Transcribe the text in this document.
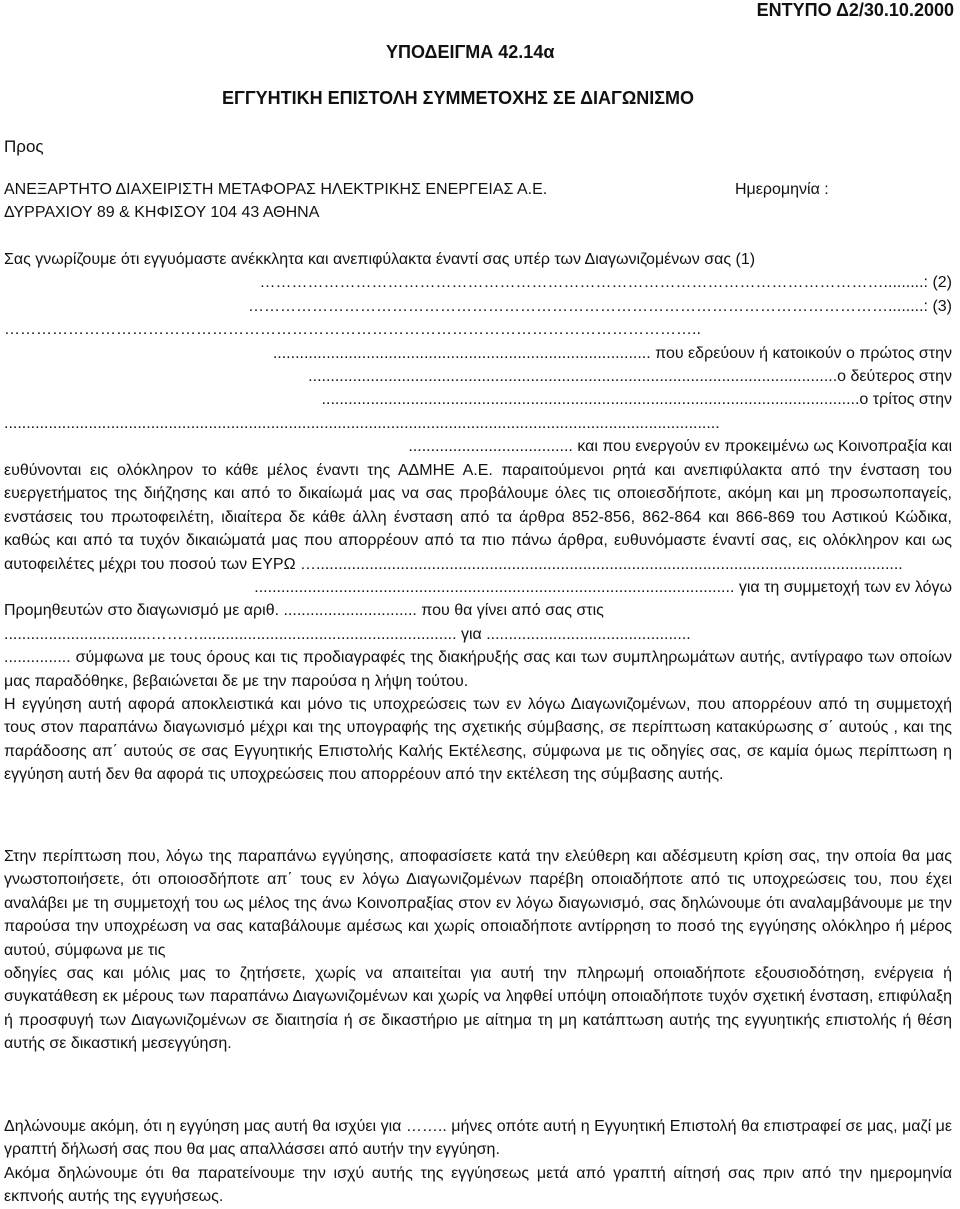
ΕΝΤΥΠΟ Δ2/30.10.2000

ΥΠΟΔΕΙΓΜΑ 42.14α

ΕΓΓΥΗΤΙΚΗ ΕΠΙΣΤΟΛΗ ΣΥΜΜΕΤΟΧΗΣ ΣΕ ΔΙΑΓΩΝΙΣΜΟ

Προς

ΑΝΕΞΑΡΤΗΤΟ ΔΙΑΧΕΙΡΙΣΤΗ ΜΕΤΑΦΟΡΑΣ ΗΛΕΚΤΡΙΚΗΣ ΕΝΕΡΓΕΙΑΣ Α.Ε.

ΔΥΡΡΑΧΙΟΥ 89 & ΚΗΦΙΣΟΥ 104 43 ΑΘΗΝΑ

Ημερομηνία :

Σας γνωρίζουμε ότι εγγυόμαστε ανέκκλητα και ανεπιφύλακτα έναντί σας υπέρ των Διαγωνιζομένων σας (1)
……………………………………………………………………………………………………….........: (2)
…………………………………………………………………………………………………………........: (3)
…………………………………………………………………………………………………………………..
..................................................................................... που εδρεύουν ή κατοικούν ο πρώτος στην
.......................................................................................................................ο δεύτερος στην
.........................................................................................................................ο τρίτος στην
.................................................................................................................................................................
..................................... και που ενεργούν εν προκειμένω ως Κοινοπραξία και
ευθύνονται εις ολόκληρον το κάθε μέλος έναντι της ΑΔΜΗΕ Α.Ε. παραιτούμενοι ρητά και ανεπιφύλακτα από την ένσταση του ευεργετήματος της διήζησης και από το δικαίωμά μας να σας προβάλουμε όλες τις οποιεσδήποτε, ακόμη και μη προσωποπαγείς, ενστάσεις του πρωτοφειλέτη, ιδιαίτερα δε κάθε άλλη ένσταση από τα άρθρα 852-856, 862-864 και 866-869 του Αστικού Κώδικα, καθώς και από τα τυχόν δικαιώματά μας που απορρέουν από τα πιο πάνω άρθρα, ευθυνόμαστε έναντί σας, εις ολόκληρον και ως αυτοφειλέτες μέχρι του ποσού των ΕΥΡΩ …....................................................................................................................................
............................................................................................................ για τη συμμετοχή των εν λόγω
Προμηθευτών στο διαγωνισμό με αριθ. .............................. που θα γίνει από σας στις
.................................……….......................................................... για ..............................................
............... σύμφωνα με τους όρους και τις προδιαγραφές της διακήρυξής σας και των συμπληρωμάτων αυτής, αντίγραφο των οποίων μας παραδόθηκε, βεβαιώνεται δε με την παρούσα η λήψη τούτου.
Η εγγύηση αυτή αφορά αποκλειστικά και μόνο τις υποχρεώσεις των εν λόγω Διαγωνιζομένων, που απορρέουν από τη συμμετοχή τους στον παραπάνω διαγωνισμό μέχρι και της υπογραφής της σχετικής σύμβασης, σε περίπτωση κατακύρωσης σ΄ αυτούς , και της παράδοσης απ΄ αυτούς σε σας Εγγυητικής Επιστολής Καλής Εκτέλεσης, σύμφωνα με τις οδηγίες σας, σε καμία όμως περίπτωση η εγγύηση αυτή δεν θα αφορά τις υποχρεώσεις που απορρέουν από την εκτέλεση της σύμβασης αυτής.
Στην περίπτωση που, λόγω της παραπάνω εγγύησης, αποφασίσετε κατά την ελεύθερη και αδέσμευτη κρίση σας, την οποία θα μας γνωστοποιήσετε, ότι οποιοσδήποτε απ΄ τους εν λόγω Διαγωνιζομένων παρέβη οποιαδήποτε από τις υποχρεώσεις του, που έχει αναλάβει με τη συμμετοχή του ως μέλος της άνω Κοινοπραξίας στον εν λόγω διαγωνισμό, σας δηλώνουμε ότι αναλαμβάνουμε με την παρούσα την υποχρέωση να σας καταβάλουμε αμέσως και χωρίς οποιαδήποτε αντίρρηση το ποσό της εγγύησης ολόκληρο ή μέρος αυτού, σύμφωνα με τις
οδηγίες σας και μόλις μας το ζητήσετε, χωρίς να απαιτείται για αυτή την πληρωμή οποιαδήποτε εξουσιοδότηση, ενέργεια ή συγκατάθεση εκ μέρους των παραπάνω Διαγωνιζομένων και χωρίς να ληφθεί υπόψη οποιαδήποτε τυχόν σχετική ένσταση, επιφύλαξη ή προσφυγή των Διαγωνιζομένων σε διαιτησία ή σε δικαστήριο με αίτημα τη μη κατάπτωση αυτής της εγγυητικής επιστολής ή θέση αυτής σε δικαστική μεσεγγύηση.
Δηλώνουμε ακόμη, ότι η εγγύηση μας αυτή θα ισχύει για …….. μήνες οπότε αυτή η Εγγυητική Επιστολή θα επιστραφεί σε μας, μαζί με γραπτή δήλωσή σας που θα μας απαλλάσσει από αυτήν την εγγύηση.
Ακόμα δηλώνουμε ότι θα παρατείνουμε την ισχύ αυτής της εγγύησεως μετά από γραπτή αίτησή σας πριν από την ημερομηνία εκπνοής αυτής της εγγυήσεως.
